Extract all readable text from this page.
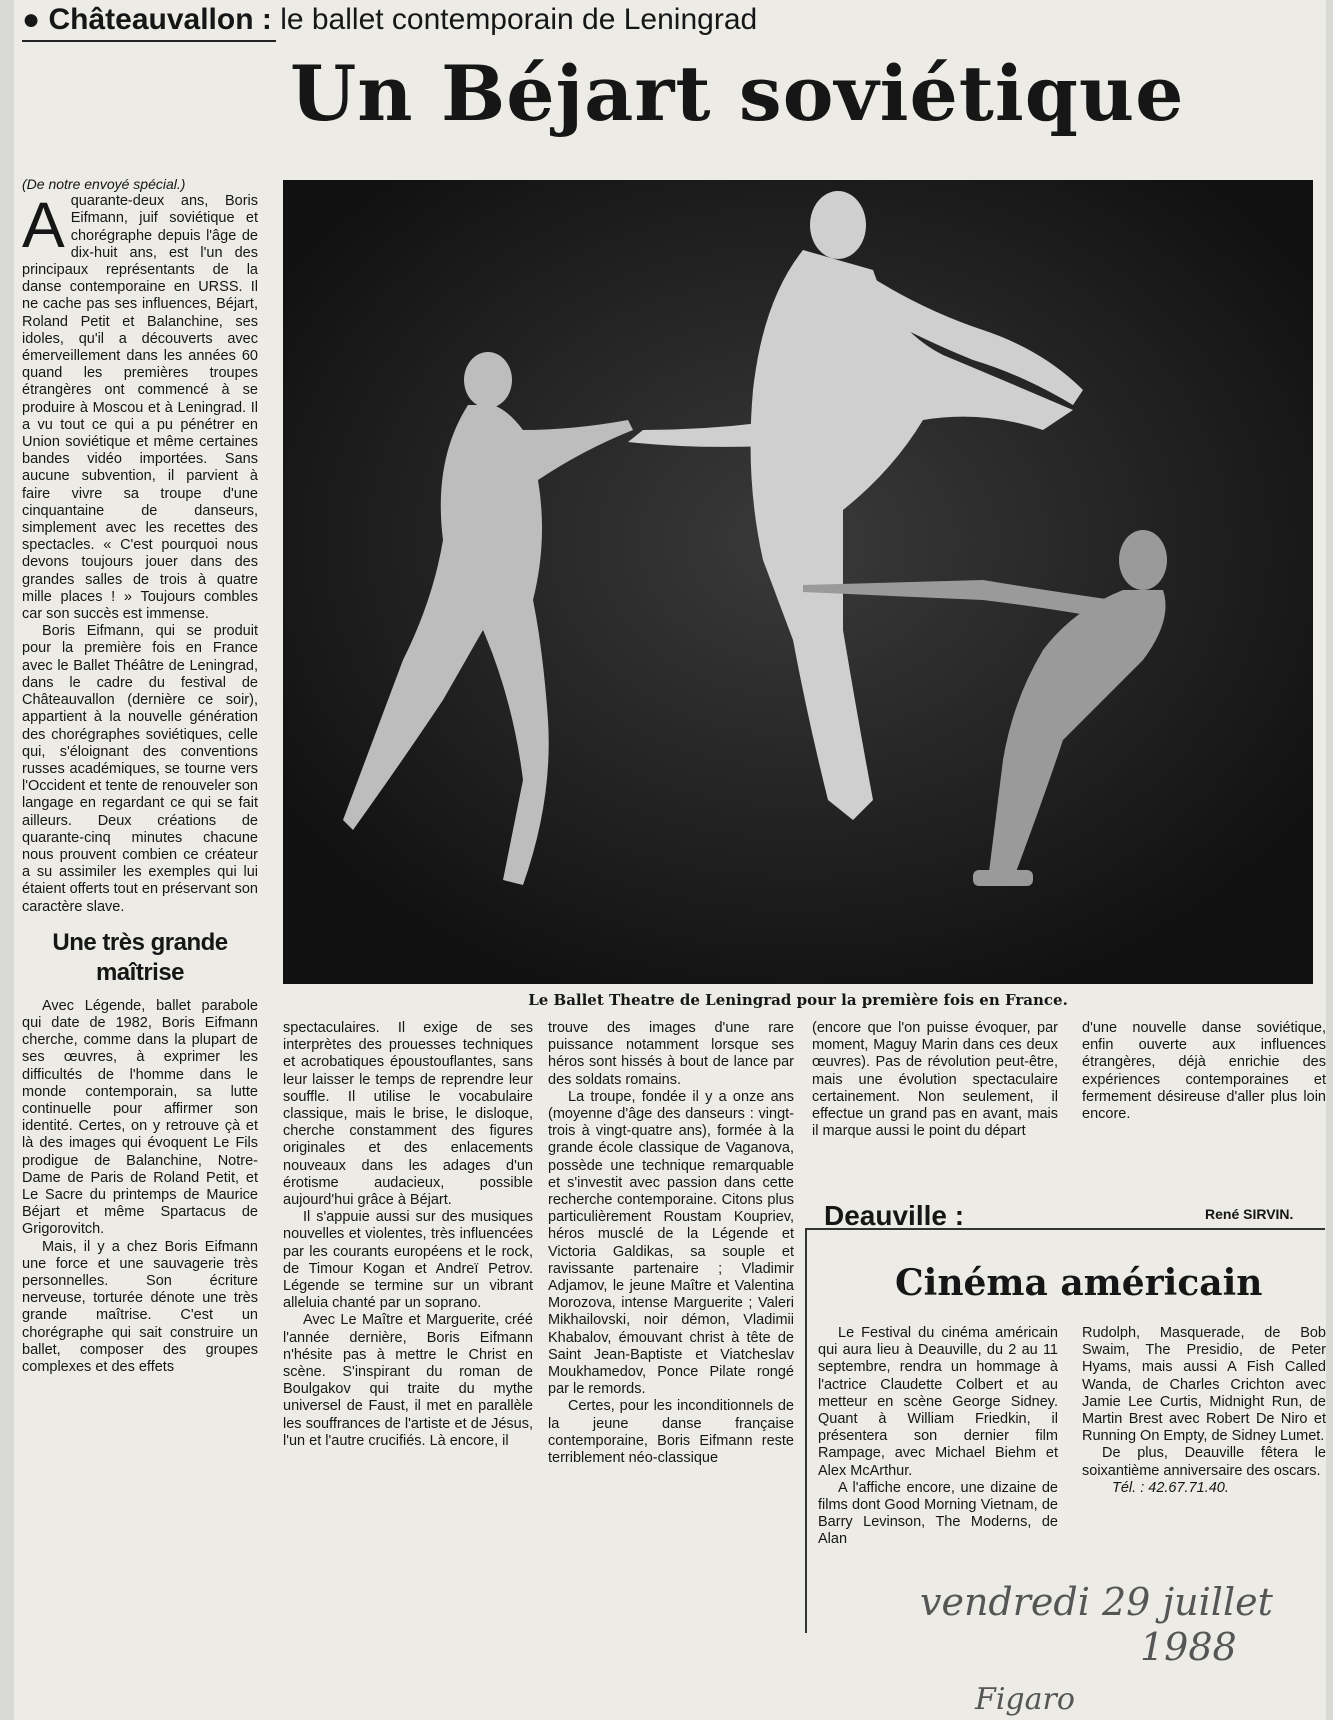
● Châteauvallon : le ballet contemporain de Leningrad
Un Béjart soviétique

(De notre envoyé spécial.)

A quarante-deux ans, Boris Eifmann, juif soviétique et chorégraphe depuis l'âge de dix-huit ans, est l'un des principaux représentants de la danse contemporaine en URSS. Il ne cache pas ses influences, Béjart, Roland Petit et Balanchine, ses idoles, qu'il a découverts avec émerveillement dans les années 60 quand les premières troupes étrangères ont commencé à se produire à Moscou et à Leningrad. Il a vu tout ce qui a pu pénétrer en Union soviétique et même certaines bandes vidéo importées. Sans aucune subvention, il parvient à faire vivre sa troupe d'une cinquantaine de danseurs, simplement avec les recettes des spectacles. « C'est pourquoi nous devons toujours jouer dans des grandes salles de trois à quatre mille places ! » Toujours combles car son succès est immense.

Boris Eifmann, qui se produit pour la première fois en France avec le Ballet Théâtre de Leningrad, dans le cadre du festival de Châteauvallon (dernière ce soir), appartient à la nouvelle génération des chorégraphes soviétiques, celle qui, s'éloignant des conventions russes académiques, se tourne vers l'Occident et tente de renouveler son langage en regardant ce qui se fait ailleurs. Deux créations de quarante-cinq minutes chacune nous prouvent combien ce créateur a su assimiler les exemples qui lui étaient offerts tout en préservant son caractère slave.

Une très grande maîtrise

Avec Légende, ballet parabole qui date de 1982, Boris Eifmann cherche, comme dans la plupart de ses œuvres, à exprimer les difficultés de l'homme dans le monde contemporain, sa lutte continuelle pour affirmer son identité. Certes, on y retrouve çà et là des images qui évoquent Le Fils prodigue de Balanchine, Notre-Dame de Paris de Roland Petit, et Le Sacre du printemps de Maurice Béjart et même Spartacus de Grigorovitch.

Mais, il y a chez Boris Eifmann une force et une sauvagerie très personnelles. Son écriture nerveuse, torturée dénote une très grande maîtrise. C'est un chorégraphe qui sait construire un ballet, composer des groupes complexes et des effets

Le Ballet Theatre de Leningrad pour la première fois en France.

spectaculaires. Il exige de ses interprètes des prouesses techniques et acrobatiques époustouflantes, sans leur laisser le temps de reprendre leur souffle. Il utilise le vocabulaire classique, mais le brise, le disloque, cherche constamment des figures originales et des enlacements nouveaux dans les adages d'un érotisme audacieux, possible aujourd'hui grâce à Béjart.

Il s'appuie aussi sur des musiques nouvelles et violentes, très influencées par les courants européens et le rock, de Timour Kogan et Andreï Petrov. Légende se termine sur un vibrant alleluia chanté par un soprano.

Avec Le Maître et Marguerite, créé l'année dernière, Boris Eifmann n'hésite pas à mettre le Christ en scène. S'inspirant du roman de Boulgakov qui traite du mythe universel de Faust, il met en parallèle les souffrances de l'artiste et de Jésus, l'un et l'autre crucifiés. Là encore, il

trouve des images d'une rare puissance notamment lorsque ses héros sont hissés à bout de lance par des soldats romains.

La troupe, fondée il y a onze ans (moyenne d'âge des danseurs : vingt-trois à vingt-quatre ans), formée à la grande école classique de Vaganova, possède une technique remarquable et s'investit avec passion dans cette recherche contemporaine. Citons plus particulièrement Roustam Koupriev, héros musclé de la Légende et Victoria Galdikas, sa souple et ravissante partenaire ; Vladimir Adjamov, le jeune Maître et Valentina Morozova, intense Marguerite ; Valeri Mikhailovski, noir démon, Vladimii Khabalov, émouvant christ à tête de Saint Jean-Baptiste et Viatcheslav Moukhamedov, Ponce Pilate rongé par le remords.

Certes, pour les inconditionnels de la jeune danse française contemporaine, Boris Eifmann reste terriblement néo-classique

(encore que l'on puisse évoquer, par moment, Maguy Marin dans ces deux œuvres). Pas de révolution peut-être, mais une évolution spectaculaire certainement. Non seulement, il effectue un grand pas en avant, mais il marque aussi le point du départ

d'une nouvelle danse soviétique, enfin ouverte aux influences étrangères, déjà enrichie des expériences contemporaines et fermement désireuse d'aller plus loin encore.

René SIRVIN.
Deauville :
Cinéma américain

Le Festival du cinéma américain qui aura lieu à Deauville, du 2 au 11 septembre, rendra un hommage à l'actrice Claudette Colbert et au metteur en scène George Sidney. Quant à William Friedkin, il présentera son dernier film Rampage, avec Michael Biehm et Alex McArthur.

A l'affiche encore, une dizaine de films dont Good Morning Vietnam, de Barry Levinson, The Moderns, de Alan

Rudolph, Masquerade, de Bob Swaim, The Presidio, de Peter Hyams, mais aussi A Fish Called Wanda, de Charles Crichton avec Jamie Lee Curtis, Midnight Run, de Martin Brest avec Robert De Niro et Running On Empty, de Sidney Lumet.

De plus, Deauville fêtera le soixantième anniversaire des oscars.

Tél. : 42.67.71.40.

vendredi 29 juillet
1988
Figaro
